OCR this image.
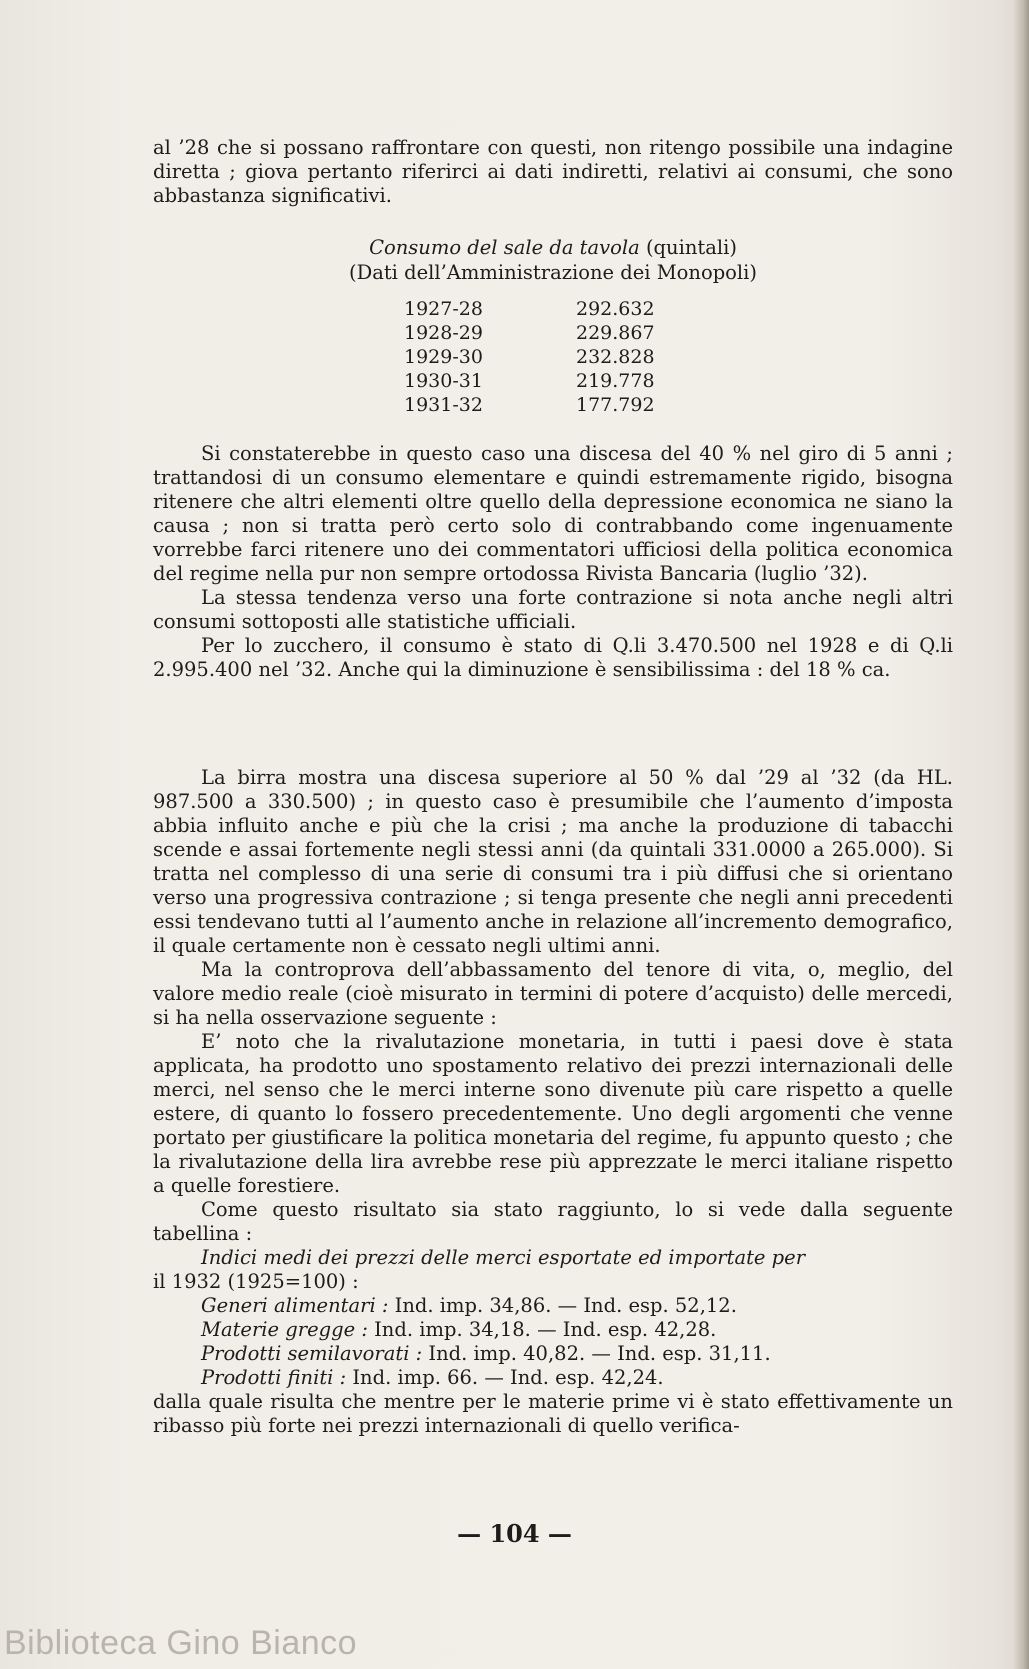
al ’28 che si possano raffrontare con questi, non ritengo possibile una indagine diretta ; giova pertanto riferirci ai dati indiretti, relativi ai consumi, che sono abbastanza significativi.

Consumo del sale da tavola (quintali)
(Dati dell’Amministrazione dei Monopoli)
1927-28	292.632
1928-29	229.867
1929-30	232.828
1930-31	219.778
1931-32	177.792

Si constaterebbe in questo caso una discesa del 40 % nel giro di 5 anni ; trattandosi di un consumo elementare e quindi estremamente rigido, bisogna ritenere che altri elementi oltre quello della depressione economica ne siano la causa ; non si tratta però certo solo di contrabbando come ingenuamente vorrebbe farci ritenere uno dei commentatori ufficiosi della politica economica del regime nella pur non sempre ortodossa Rivista Bancaria (luglio ’32).

La stessa tendenza verso una forte contrazione si nota anche negli altri consumi sottoposti alle statistiche ufficiali.

Per lo zucchero, il consumo è stato di Q.li 3.470.500 nel 1928 e di Q.li 2.995.400 nel ’32. Anche qui la diminuzione è sensibilissima : del 18 % ca.

La birra mostra una discesa superiore al 50 % dal ’29 al ’32 (da HL. 987.500 a 330.500) ; in questo caso è presumibile che l’aumento d’imposta abbia influito anche e più che la crisi ; ma anche la produzione di tabacchi scende e assai fortemente negli stessi anni (da quintali 331.0000 a 265.000). Si tratta nel complesso di una serie di consumi tra i più diffusi che si orientano verso una progressiva contrazione ; si tenga presente che negli anni precedenti essi tendevano tutti al l’aumento anche in relazione all’incremento demografico, il quale certamente non è cessato negli ultimi anni.

Ma la controprova dell’abbassamento del tenore di vita, o, meglio, del valore medio reale (cioè misurato in termini di potere d’acquisto) delle mercedi, si ha nella osservazione seguente :

E’ noto che la rivalutazione monetaria, in tutti i paesi dove è stata applicata, ha prodotto uno spostamento relativo dei prezzi internazionali delle merci, nel senso che le merci interne sono divenute più care rispetto a quelle estere, di quanto lo fossero precedentemente. Uno degli argomenti che venne portato per giustificare la politica monetaria del regime, fu appunto questo ; che la rivalutazione della lira avrebbe rese più apprezzate le merci italiane rispetto a quelle forestiere.

Come questo risultato sia stato raggiunto, lo si vede dalla seguente tabellina :

Indici medi dei prezzi delle merci esportate ed importate per

il 1932 (1925=100) :

Generi alimentari : Ind. imp. 34,86. — Ind. esp. 52,12.
Materie gregge : Ind. imp. 34,18. — Ind. esp. 42,28.
Prodotti semilavorati : Ind. imp. 40,82. — Ind. esp. 31,11.
Prodotti finiti : Ind. imp. 66. — Ind. esp. 42,24.

dalla quale risulta che mentre per le materie prime vi è stato effettivamente un ribasso più forte nei prezzi internazionali di quello verifica-

— 104 —
Biblioteca Gino Bianco
